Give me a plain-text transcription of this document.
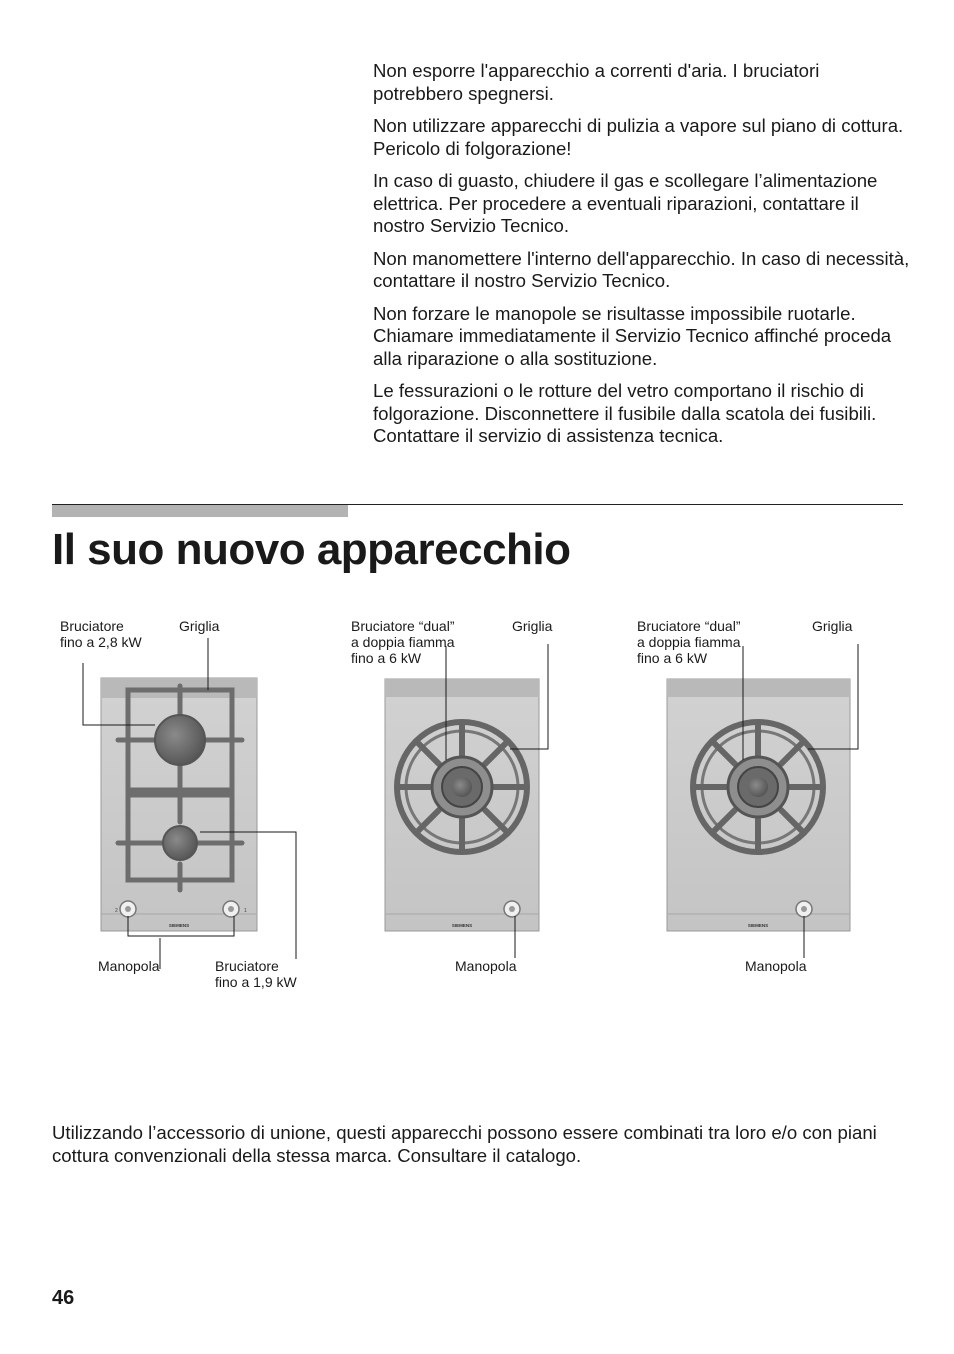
Non esporre l'apparecchio a correnti d'aria. I bruciatori potrebbero spegnersi.

Non utilizzare apparecchi di pulizia a vapore sul piano di cottura. Pericolo di folgorazione!

In caso di guasto, chiudere il gas e scollegare l’alimentazione elettrica. Per procedere a eventuali riparazioni, contattare il nostro Servizio Tecnico.

Non manomettere l'interno dell'apparecchio. In caso di necessità, contattare il nostro Servizio Tecnico.

Non forzare le manopole se risultasse impossibile ruotarle. Chiamare immediatamente il Servizio Tecnico affinché proceda alla riparazione o alla sostituzione.

Le fessurazioni o le rotture del vetro comportano il rischio di folgorazione. Disconnettere il fusibile dalla scatola dei fusibili. Contattare il servizio di assistenza tecnica.

Il suo nuovo apparecchio
2	1
SIEMENS	SIEMENS	SIEMENS
Bruciatore
fino a 2,8 kW
Griglia
Manopola	Bruciatore
fino a 1,9 kW
Bruciatore “dual”
a doppia fiamma
fino a 6 kW
Griglia
Manopola
Bruciatore “dual”
a doppia fiamma
fino a 6 kW
Griglia
Manopola

Utilizzando l’accessorio di unione, questi apparecchi possono essere combinati tra loro e/o con piani cottura convenzionali della stessa marca. Consultare il catalogo.

46
